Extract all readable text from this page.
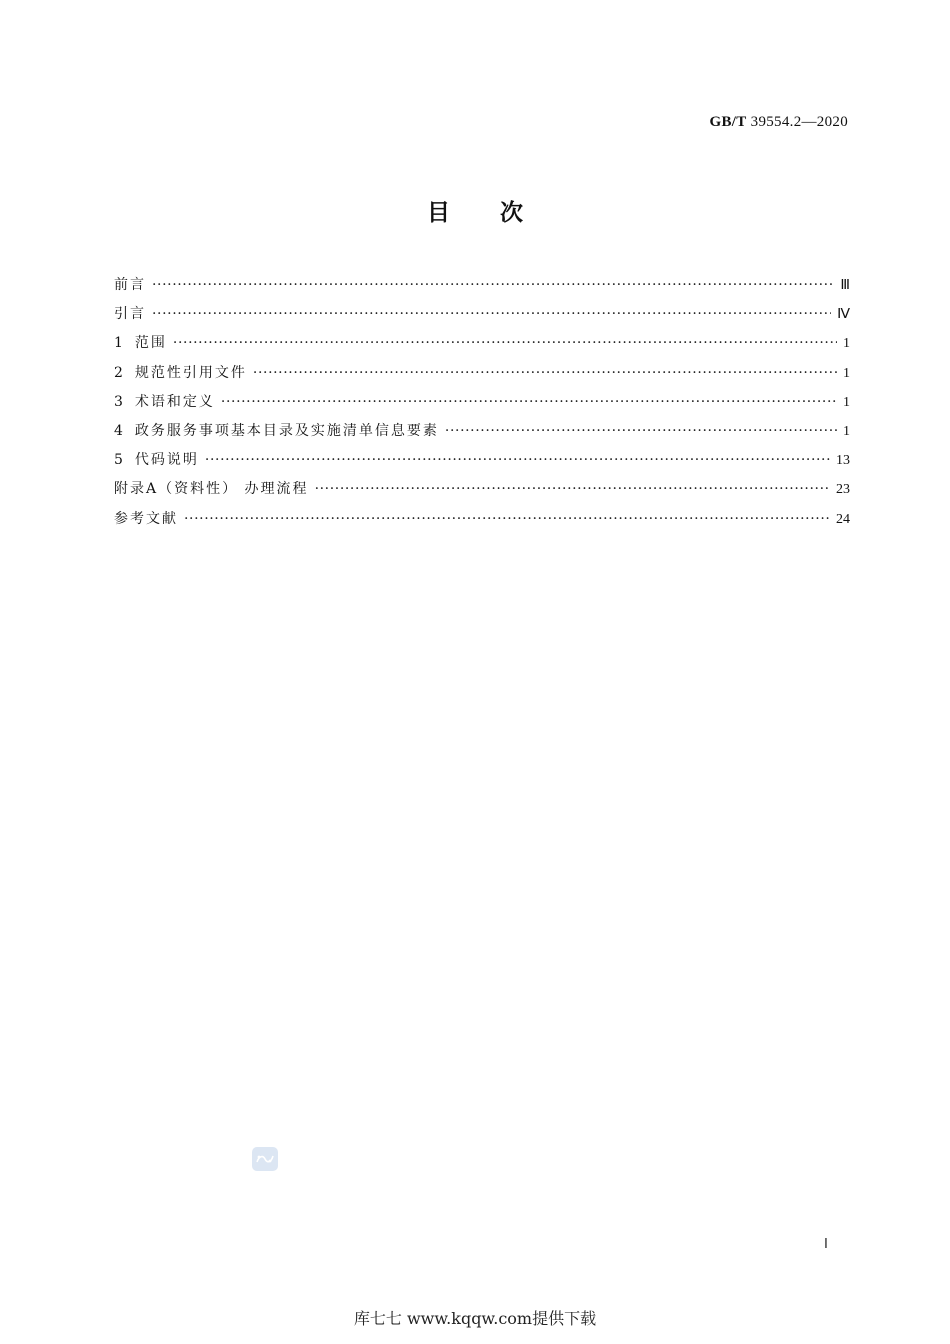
GB/T 39554.2—2020
目 次
前言 ·····	Ⅲ
引言 ·····	Ⅳ
1 范围 ·····	1
2 规范性引用文件 ·····	1
3 术语和定义 ·····	1
4 政务服务事项基本目录及实施清单信息要素 ·····	1
5 代码说明 ·····	13
附录A（资料性） 办理流程 ·····	23
参考文献 ·····	24
Ⅰ
库七七 www.kqqw.com提供下载
